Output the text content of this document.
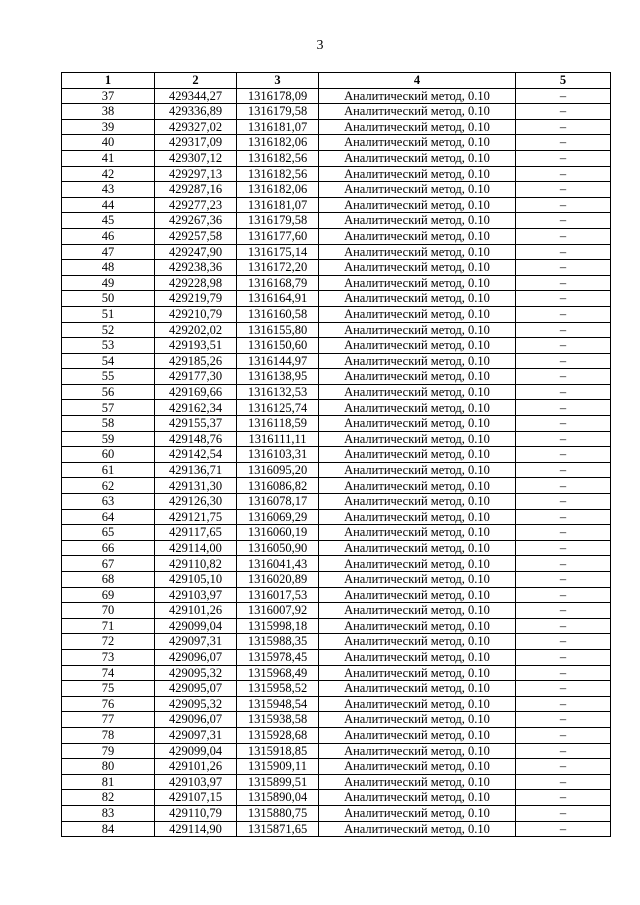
3
1	2	3	4	5
37	429344,27	1316178,09	Аналитический метод, 0.10	–
38	429336,89	1316179,58	Аналитический метод, 0.10	–
39	429327,02	1316181,07	Аналитический метод, 0.10	–
40	429317,09	1316182,06	Аналитический метод, 0.10	–
41	429307,12	1316182,56	Аналитический метод, 0.10	–
42	429297,13	1316182,56	Аналитический метод, 0.10	–
43	429287,16	1316182,06	Аналитический метод, 0.10	–
44	429277,23	1316181,07	Аналитический метод, 0.10	–
45	429267,36	1316179,58	Аналитический метод, 0.10	–
46	429257,58	1316177,60	Аналитический метод, 0.10	–
47	429247,90	1316175,14	Аналитический метод, 0.10	–
48	429238,36	1316172,20	Аналитический метод, 0.10	–
49	429228,98	1316168,79	Аналитический метод, 0.10	–
50	429219,79	1316164,91	Аналитический метод, 0.10	–
51	429210,79	1316160,58	Аналитический метод, 0.10	–
52	429202,02	1316155,80	Аналитический метод, 0.10	–
53	429193,51	1316150,60	Аналитический метод, 0.10	–
54	429185,26	1316144,97	Аналитический метод, 0.10	–
55	429177,30	1316138,95	Аналитический метод, 0.10	–
56	429169,66	1316132,53	Аналитический метод, 0.10	–
57	429162,34	1316125,74	Аналитический метод, 0.10	–
58	429155,37	1316118,59	Аналитический метод, 0.10	–
59	429148,76	1316111,11	Аналитический метод, 0.10	–
60	429142,54	1316103,31	Аналитический метод, 0.10	–
61	429136,71	1316095,20	Аналитический метод, 0.10	–
62	429131,30	1316086,82	Аналитический метод, 0.10	–
63	429126,30	1316078,17	Аналитический метод, 0.10	–
64	429121,75	1316069,29	Аналитический метод, 0.10	–
65	429117,65	1316060,19	Аналитический метод, 0.10	–
66	429114,00	1316050,90	Аналитический метод, 0.10	–
67	429110,82	1316041,43	Аналитический метод, 0.10	–
68	429105,10	1316020,89	Аналитический метод, 0.10	–
69	429103,97	1316017,53	Аналитический метод, 0.10	–
70	429101,26	1316007,92	Аналитический метод, 0.10	–
71	429099,04	1315998,18	Аналитический метод, 0.10	–
72	429097,31	1315988,35	Аналитический метод, 0.10	–
73	429096,07	1315978,45	Аналитический метод, 0.10	–
74	429095,32	1315968,49	Аналитический метод, 0.10	–
75	429095,07	1315958,52	Аналитический метод, 0.10	–
76	429095,32	1315948,54	Аналитический метод, 0.10	–
77	429096,07	1315938,58	Аналитический метод, 0.10	–
78	429097,31	1315928,68	Аналитический метод, 0.10	–
79	429099,04	1315918,85	Аналитический метод, 0.10	–
80	429101,26	1315909,11	Аналитический метод, 0.10	–
81	429103,97	1315899,51	Аналитический метод, 0.10	–
82	429107,15	1315890,04	Аналитический метод, 0.10	–
83	429110,79	1315880,75	Аналитический метод, 0.10	–
84	429114,90	1315871,65	Аналитический метод, 0.10	–
